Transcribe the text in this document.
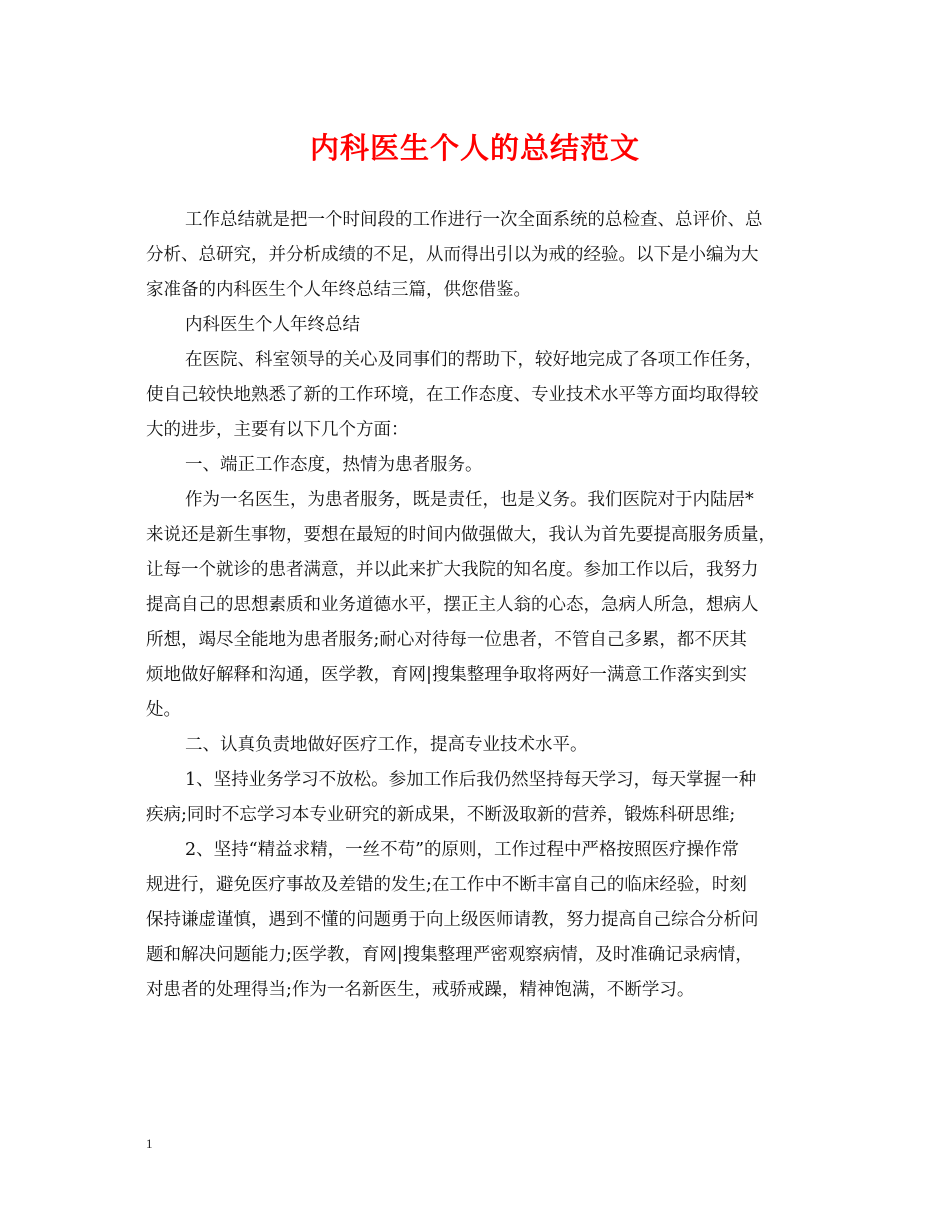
内科医生个人的总结范文
工作总结就是把一个时间段的工作进行一次全面系统的总检查、总评价、总
分析、总研究，并分析成绩的不足，从而得出引以为戒的经验。以下是小编为大
家准备的内科医生个人年终总结三篇，供您借鉴。
内科医生个人年终总结
在医院、科室领导的关心及同事们的帮助下，较好地完成了各项工作任务，
使自己较快地熟悉了新的工作环境，在工作态度、专业技术水平等方面均取得较
大的进步，主要有以下几个方面：
一、端正工作态度，热情为患者服务。
作为一名医生，为患者服务，既是责任，也是义务。我们医院对于内陆居*
来说还是新生事物，要想在最短的时间内做强做大，我认为首先要提高服务质量，
让每一个就诊的患者满意，并以此来扩大我院的知名度。参加工作以后，我努力
提高自己的思想素质和业务道德水平，摆正主人翁的心态，急病人所急，想病人
所想，竭尽全能地为患者服务;耐心对待每一位患者，不管自己多累，都不厌其
烦地做好解释和沟通，医学教，育网|搜集整理争取将两好一满意工作落实到实
处。
二、认真负责地做好医疗工作，提高专业技术水平。
1、坚持业务学习不放松。参加工作后我仍然坚持每天学习，每天掌握一种
疾病;同时不忘学习本专业研究的新成果，不断汲取新的营养，锻炼科研思维;
2、坚持“精益求精，一丝不苟”的原则，工作过程中严格按照医疗操作常
规进行，避免医疗事故及差错的发生;在工作中不断丰富自己的临床经验，时刻
保持谦虚谨慎，遇到不懂的问题勇于向上级医师请教，努力提高自己综合分析问
题和解决问题能力;医学教，育网|搜集整理严密观察病情，及时准确记录病情，
对患者的处理得当;作为一名新医生，戒骄戒躁，精神饱满，不断学习。
1
